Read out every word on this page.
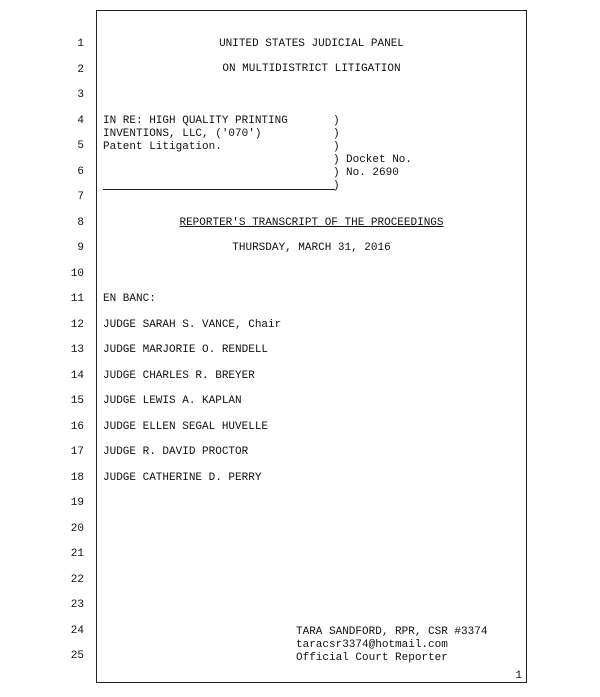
1
2
3
4
5
6
7
8
9
10
11
12
13
14
15
16
17
18
19
20
21
22
23
24
25
UNITED STATES JUDICIAL PANEL
ON MULTIDISTRICT LITIGATION
IN RE: HIGH QUALITY PRINTING
INVENTIONS, LLC, ('070')
Patent Litigation.
)
)
)
)
)
)
Docket No.
No. 2690
REPORTER'S TRANSCRIPT OF THE PROCEEDINGS
THURSDAY, MARCH 31, 2016
EN BANC:
JUDGE SARAH S. VANCE, Chair
JUDGE MARJORIE O. RENDELL
JUDGE CHARLES R. BREYER
JUDGE LEWIS A. KAPLAN
JUDGE ELLEN SEGAL HUVELLE
JUDGE R. DAVID PROCTOR
JUDGE CATHERINE D. PERRY
TARA SANDFORD, RPR, CSR #3374
taracsr3374@hotmail.com
Official Court Reporter
1
